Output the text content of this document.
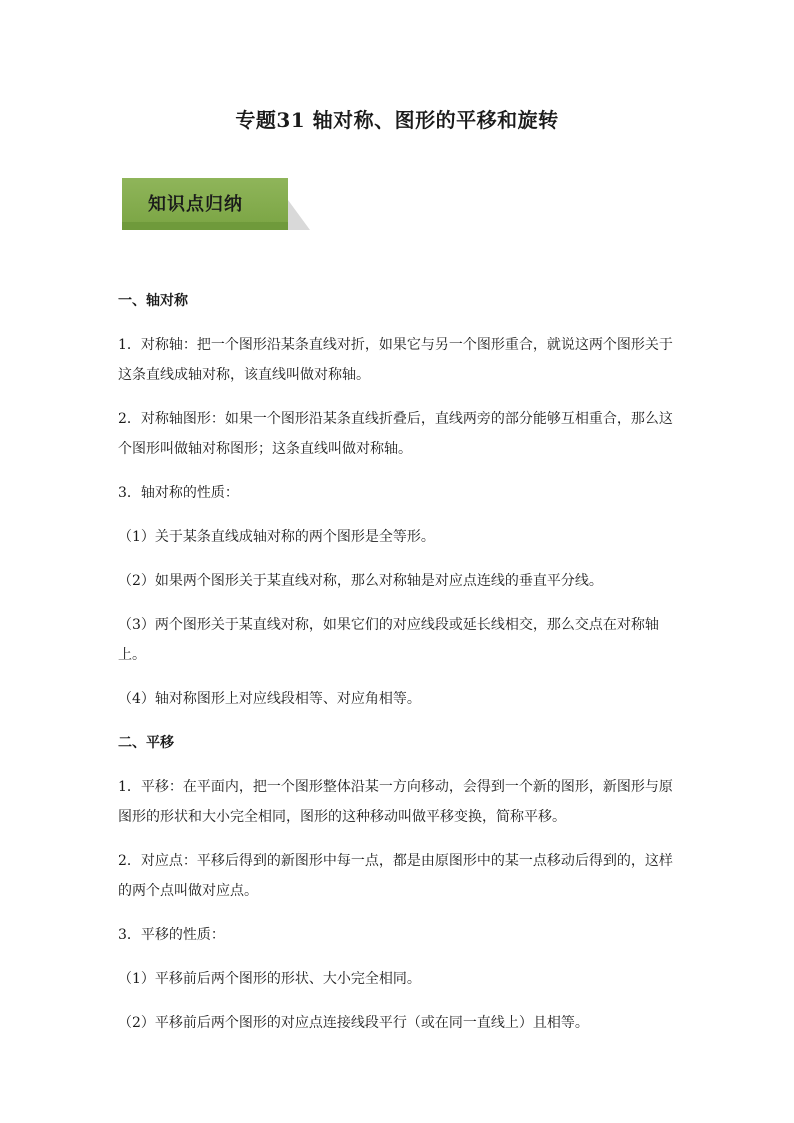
专题31 轴对称、图形的平移和旋转
知识点归纳

一、轴对称

1．对称轴：把一个图形沿某条直线对折，如果它与另一个图形重合，就说这两个图形关于这条直线成轴对称，该直线叫做对称轴。

2．对称轴图形：如果一个图形沿某条直线折叠后，直线两旁的部分能够互相重合，那么这个图形叫做轴对称图形；这条直线叫做对称轴。

3．轴对称的性质：

（1）关于某条直线成轴对称的两个图形是全等形。

（2）如果两个图形关于某直线对称，那么对称轴是对应点连线的垂直平分线。

（3）两个图形关于某直线对称，如果它们的对应线段或延长线相交，那么交点在对称轴上。

（4）轴对称图形上对应线段相等、对应角相等。

二、平移

1．平移：在平面内，把一个图形整体沿某一方向移动，会得到一个新的图形，新图形与原图形的形状和大小完全相同，图形的这种移动叫做平移变换，简称平移。

2．对应点：平移后得到的新图形中每一点，都是由原图形中的某一点移动后得到的，这样的两个点叫做对应点。

3．平移的性质：

（1）平移前后两个图形的形状、大小完全相同。

（2）平移前后两个图形的对应点连接线段平行（或在同一直线上）且相等。
